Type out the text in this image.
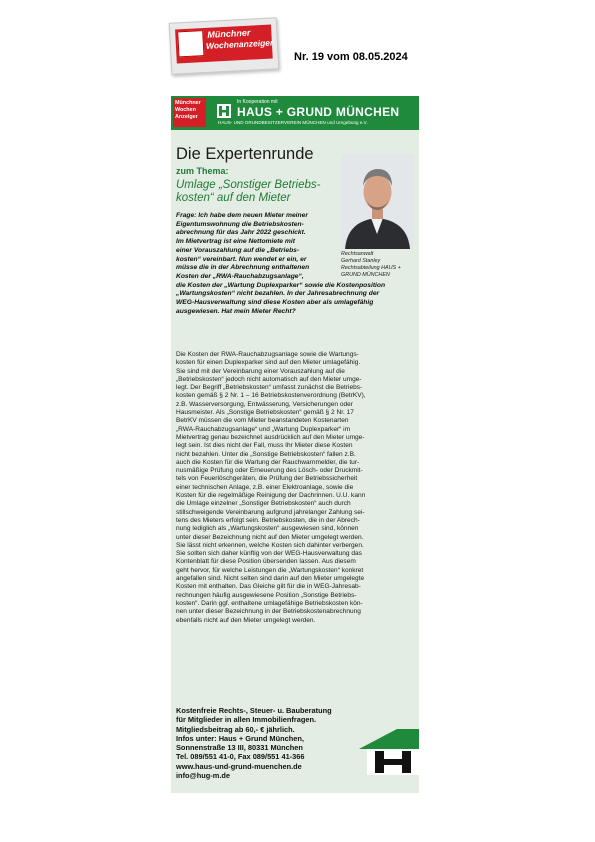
Münchner
Wochenanzeiger
Nr. 19 vom 08.05.2024
Münchner
Wochen
Anzeiger
In Kooperation mit
HAUS + GRUND MÜNCHEN
HAUS- UND GRUNDBESITZERVEREIN MÜNCHEN und Umgebung e.V.
Die Expertenrunde
zum Thema:
Umlage „Sonstiger Betriebs-kosten“ auf den Mieter
Rechtsanwalt
Gerhard Stanley
Rechtsabteilung HAUS +
GRUND MÜNCHEN
Frage: Ich habe dem neuen Mieter meiner
Eigentumswohnung die Betriebskosten-
abrechnung für das Jahr 2022 geschickt.
Im Mietvertrag ist eine Nettomiete mit
einer Vorauszahlung auf die „Betriebs-
kosten“ vereinbart. Nun wendet er ein, er
müsse die in der Abrechnung enthaltenen
Kosten der „RWA-Rauchabzugsanlage“,
die Kosten der „Wartung Duplexparker“ sowie die Kostenposition
„Wartungskosten“ nicht bezahlen. In der Jahresabrechnung der
WEG-Hausverwaltung sind diese Kosten aber als umlagefähig
ausgewiesen. Hat mein Mieter Recht?
Die Kosten der RWA-Rauchabzugsanlage sowie die Wartungs-
kosten für einen Duplexparker sind auf den Mieter umlagefähig.
Sie sind mit der Vereinbarung einer Vorauszahlung auf die
„Betriebskosten“ jedoch nicht automatisch auf den Mieter umge-
legt. Der Begriff „Betriebskosten“ umfasst zunächst die Betriebs-
kosten gemäß § 2 Nr. 1 – 16 Betriebskostenverordnung (BetrKV),
z.B. Wasserversorgung, Entwässerung, Versicherungen oder
Hausmeister. Als „Sonstige Betriebskosten“ gemäß § 2 Nr. 17
BetrKV müssen die vom Mieter beanstandeten Kostenarten
„RWA-Rauchabzugsanlage“ und „Wartung Duplexparker“ im
Mietvertrag genau bezeichnet ausdrücklich auf den Mieter umge-
legt sein. Ist dies nicht der Fall, muss Ihr Mieter diese Kosten
nicht bezahlen. Unter die „Sonstige Betriebskosten“ fallen z.B.
auch die Kosten für die Wartung der Rauchwarnmelder, die tur-
nusmäßige Prüfung oder Erneuerung des Lösch- oder Druckmit-
tels von Feuerlöschgeräten, die Prüfung der Betriebssicherheit
einer technischen Anlage, z.B. einer Elektroanlage, sowie die
Kosten für die regelmäßige Reinigung der Dachrinnen. U.U. kann
die Umlage einzelner „Sonstiger Betriebskosten“ auch durch
stillschweigende Vereinbarung aufgrund jahrelanger Zahlung sei-
tens des Mieters erfolgt sein. Betriebskosten, die in der Abrech-
nung lediglich als „Wartungskosten“ ausgewiesen sind, können
unter dieser Bezeichnung nicht auf den Mieter umgelegt werden.
Sie lässt nicht erkennen, welche Kosten sich dahinter verbergen.
Sie sollten sich daher künftig von der WEG-Hausverwaltung das
Kontenblatt für diese Position übersenden lassen. Aus diesem
geht hervor, für welche Leistungen die „Wartungskosten“ konkret
angefallen sind. Nicht selten sind darin auf den Mieter umgelegte
Kosten mit enthalten. Das Gleiche gilt für die in WEG-Jahresab-
rechnungen häufig ausgewiesene Position „Sonstige Betriebs-
kosten“. Darin ggf. enthaltene umlagefähige Betriebskosten kön-
nen unter dieser Bezeichnung in der Betriebskostenabrechnung
ebenfalls nicht auf den Mieter umgelegt werden.
Kostenfreie Rechts-, Steuer- u. Bauberatung
für Mitglieder in allen Immobilienfragen.
Mitgliedsbeitrag ab 60,- € jährlich.
Infos unter: Haus + Grund München,
Sonnenstraße 13 III, 80331 München
Tel. 089/551 41-0, Fax 089/551 41-366
www.haus-und-grund-muenchen.de
info@hug-m.de
